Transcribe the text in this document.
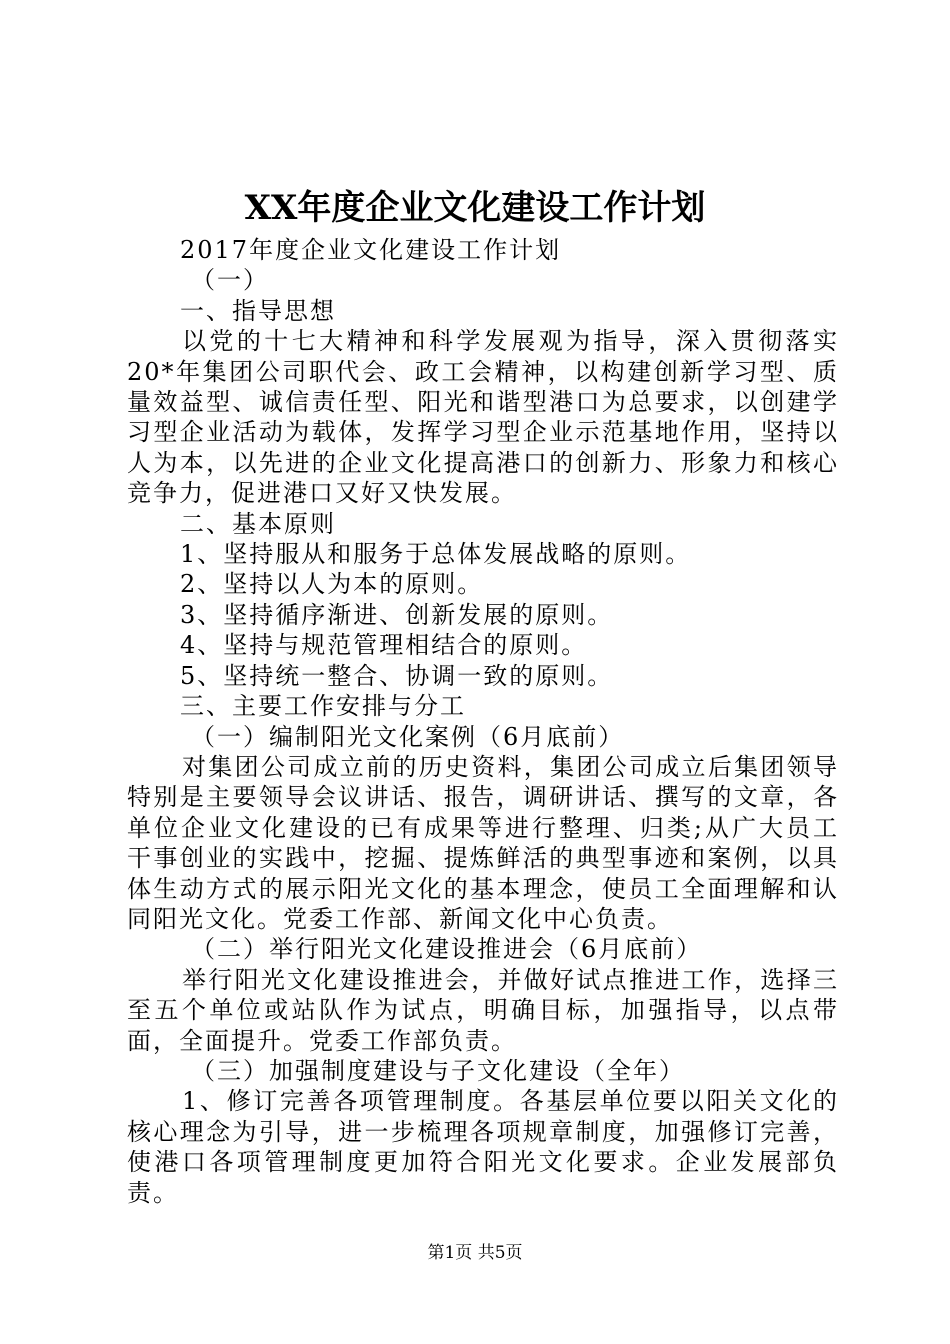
XX年度企业文化建设工作计划

2017年度企业文化建设工作计划

（一）

一、指导思想

以党的十七大精神和科学发展观为指导，深入贯彻落实20*年集团公司职代会、政工会精神，以构建创新学习型、质量效益型、诚信责任型、阳光和谐型港口为总要求，以创建学习型企业活动为载体，发挥学习型企业示范基地作用，坚持以人为本，以先进的企业文化提高港口的创新力、形象力和核心竞争力，促进港口又好又快发展。

二、基本原则

1、坚持服从和服务于总体发展战略的原则。

2、坚持以人为本的原则。

3、坚持循序渐进、创新发展的原则。

4、坚持与规范管理相结合的原则。

5、坚持统一整合、协调一致的原则。

三、主要工作安排与分工

（一）编制阳光文化案例（6月底前）

对集团公司成立前的历史资料，集团公司成立后集团领导特别是主要领导会议讲话、报告，调研讲话、撰写的文章，各单位企业文化建设的已有成果等进行整理、归类;从广大员工干事创业的实践中，挖掘、提炼鲜活的典型事迹和案例，以具体生动方式的展示阳光文化的基本理念，使员工全面理解和认同阳光文化。党委工作部、新闻文化中心负责。

（二）举行阳光文化建设推进会（6月底前）

举行阳光文化建设推进会，并做好试点推进工作，选择三至五个单位或站队作为试点，明确目标，加强指导，以点带面，全面提升。党委工作部负责。

（三）加强制度建设与子文化建设（全年）

1、修订完善各项管理制度。各基层单位要以阳关文化的核心理念为引导，进一步梳理各项规章制度，加强修订完善，使港口各项管理制度更加符合阳光文化要求。企业发展部负责。

第1页 共5页
